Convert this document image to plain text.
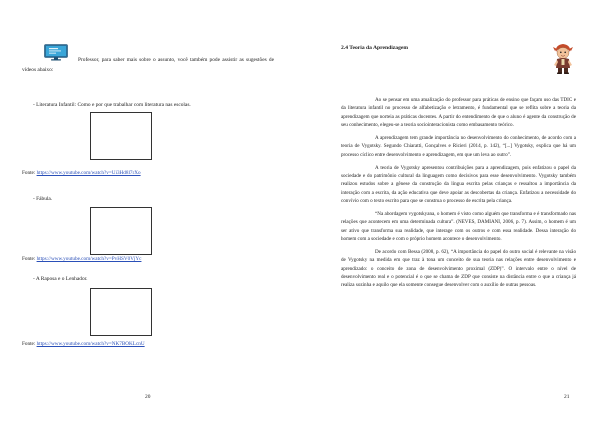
Professor, para saber mais sobre o assunto, você também pode assistir as sugestões de vídeos abaixo:

- Literatura Infantil: Como e por que trabalhar com literatura nas escolas.

Fonte: https://www.youtube.com/watch?v=Ui3Hd8l7rXo

- Fábula.

Fonte: https://www.youtube.com/watch?v=PvHSV0VjYc

- A Raposa e o Lenhador.

Fonte: https://www.youtube.com/watch?v=NK7BOKLcnU

20

2.4 Teoria da Aprendizagem

Ao se pensar em uma atualização do professor para práticas de ensino que façam uso das TDIC e da literatura infantil no processo de alfabetização e letramento, é fundamental que se reflita sobre a teoria da aprendizagem que norteia as práticas docentes. A partir do entendimento de que o aluno é agente da construção de seu conhecimento, elegeu-se a teoria sociointeracionista como embasamento teórico.

A aprendizagem tem grande importância no desenvolvimento do conhecimento, de acordo com a teoria de Vygotsky. Segundo Chiaratti, Gonçalves e Ricieri (2014, p. 142), “[...] Vygotsky, explica que há um processo cíclico entre desenvolvimento e aprendizagem, em que um leva ao outro”.

A teoria de Vygotsky apresentou contribuições para a aprendizagem, pois enfatizou o papel da sociedade e do patrimônio cultural da linguagem como decisivos para esse desenvolvimento. Vygotsky também realizou estudos sobre a gênese da construção da língua escrita pelas crianças e ressaltou a importância da interação com a escrita, da ação educativa que deve apoiar as descobertas da criança. Enfatizou a necessidade do convívio com o texto escrito para que se construa o processo de escrita pela criança.

“Na abordagem vygotskyana, o homem é visto como alguém que transforma e é transformado nas relações que acontecem em uma determinada cultura”. (NEVES, DAMIANI, 2006, p. 7). Assim, o homem é um ser ativo que transforma sua realidade, que interage com os outros e com essa realidade. Dessa interação do homem com a sociedade e com o próprio homem acontece o desenvolvimento.

De acordo com Bessa (2008, p. 62), “A importância do papel do outro social é relevante na visão de Vygotsky na medida em que traz à tona um conceito de sua teoria nas relações entre desenvolvimento e aprendizado: o conceito de zona de desenvolvimento proximal (ZDP)”. O intervalo entre o nível de desenvolvimento real e o potencial é o que se chama de ZDP que consiste na distância entre o que a criança já realiza sozinha e aquilo que ela somente consegue desenvolver com o auxílio de outras pessoas.

21
